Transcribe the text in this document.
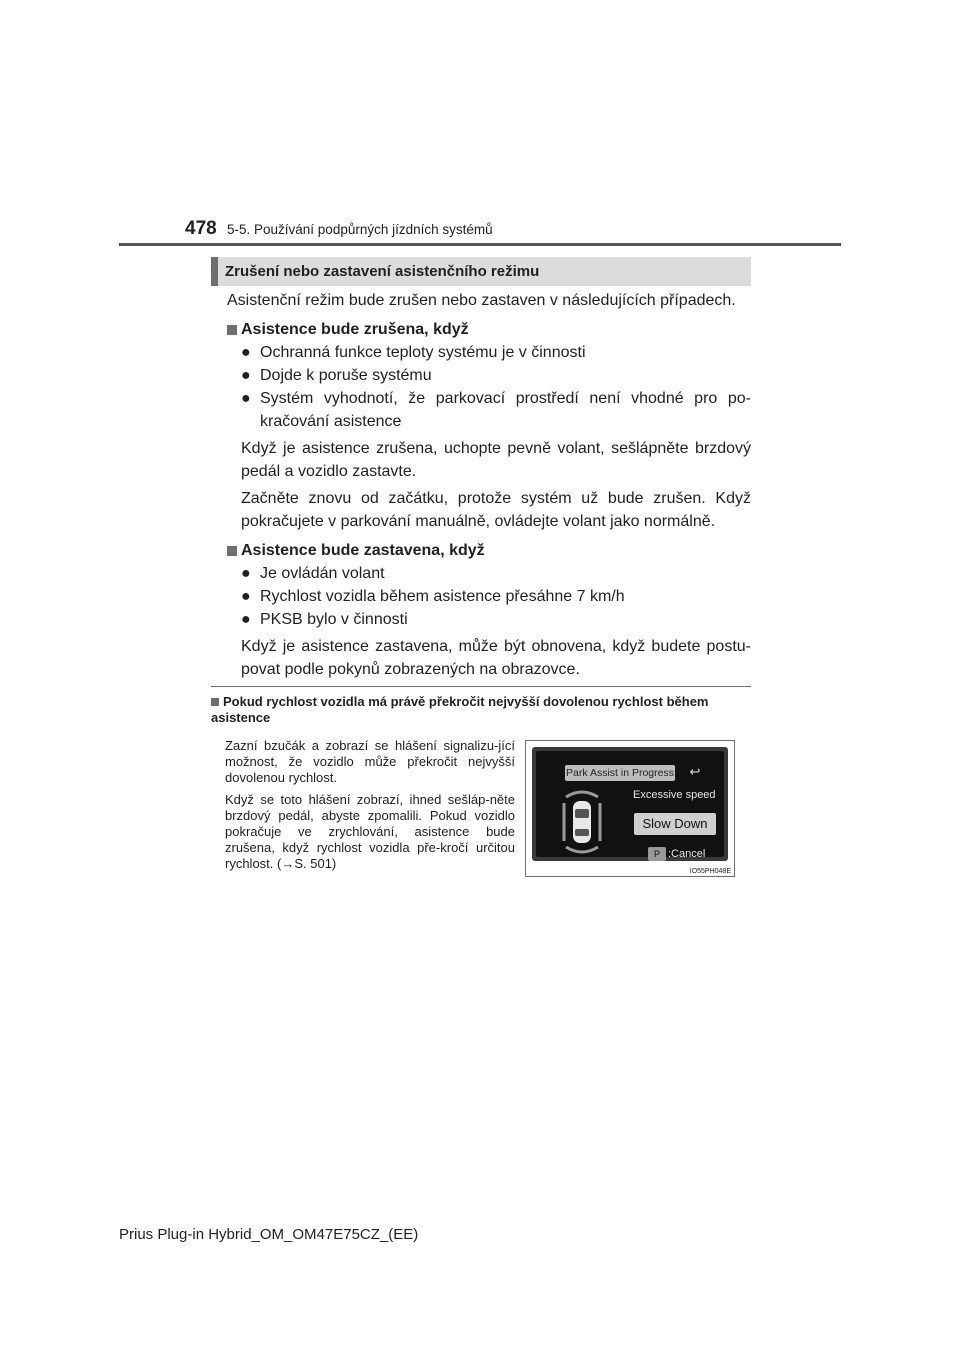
478 5-5. Používání podpůrných jízdních systémů
Zrušení nebo zastavení asistenčního režimu

Asistenční režim bude zrušen nebo zastaven v následujících případech.

Asistence bude zrušena, když

● Ochranná funkce teploty systému je v činnosti

● Dojde k poruše systému

● Systém vyhodnotí, že parkovací prostředí není vhodné pro po-kračování asistence

Když je asistence zrušena, uchopte pevně volant, sešlápněte brzdový pedál a vozidlo zastavte.

Začněte znovu od začátku, protože systém už bude zrušen. Když pokračujete v parkování manuálně, ovládejte volant jako normálně.

Asistence bude zastavena, když

● Je ovládán volant

● Rychlost vozidla během asistence přesáhne 7 km/h

● PKSB bylo v činnosti

Když je asistence zastavena, může být obnovena, když budete postu-povat podle pokynů zobrazených na obrazovce.

Pokud rychlost vozidla má právě překročit nejvyšší dovolenou rychlost během asistence

Zazní bzučák a zobrazí se hlášení signalizu-jící možnost, že vozidlo může překročit nejvyšší dovolenou rychlost.

Když se toto hlášení zobrazí, ihned sešláp-něte brzdový pedál, abyste zpomalili. Pokud vozidlo pokračuje ve zrychlování, asistence bude zrušena, když rychlost vozidla pře-kročí určitou rychlost. (→S. 501)

Park Assist in Progress ↩
Excessive speed
Slow Down
P :Cancel
IO55PH048E
Prius Plug-in Hybrid_OM_OM47E75CZ_(EE)
